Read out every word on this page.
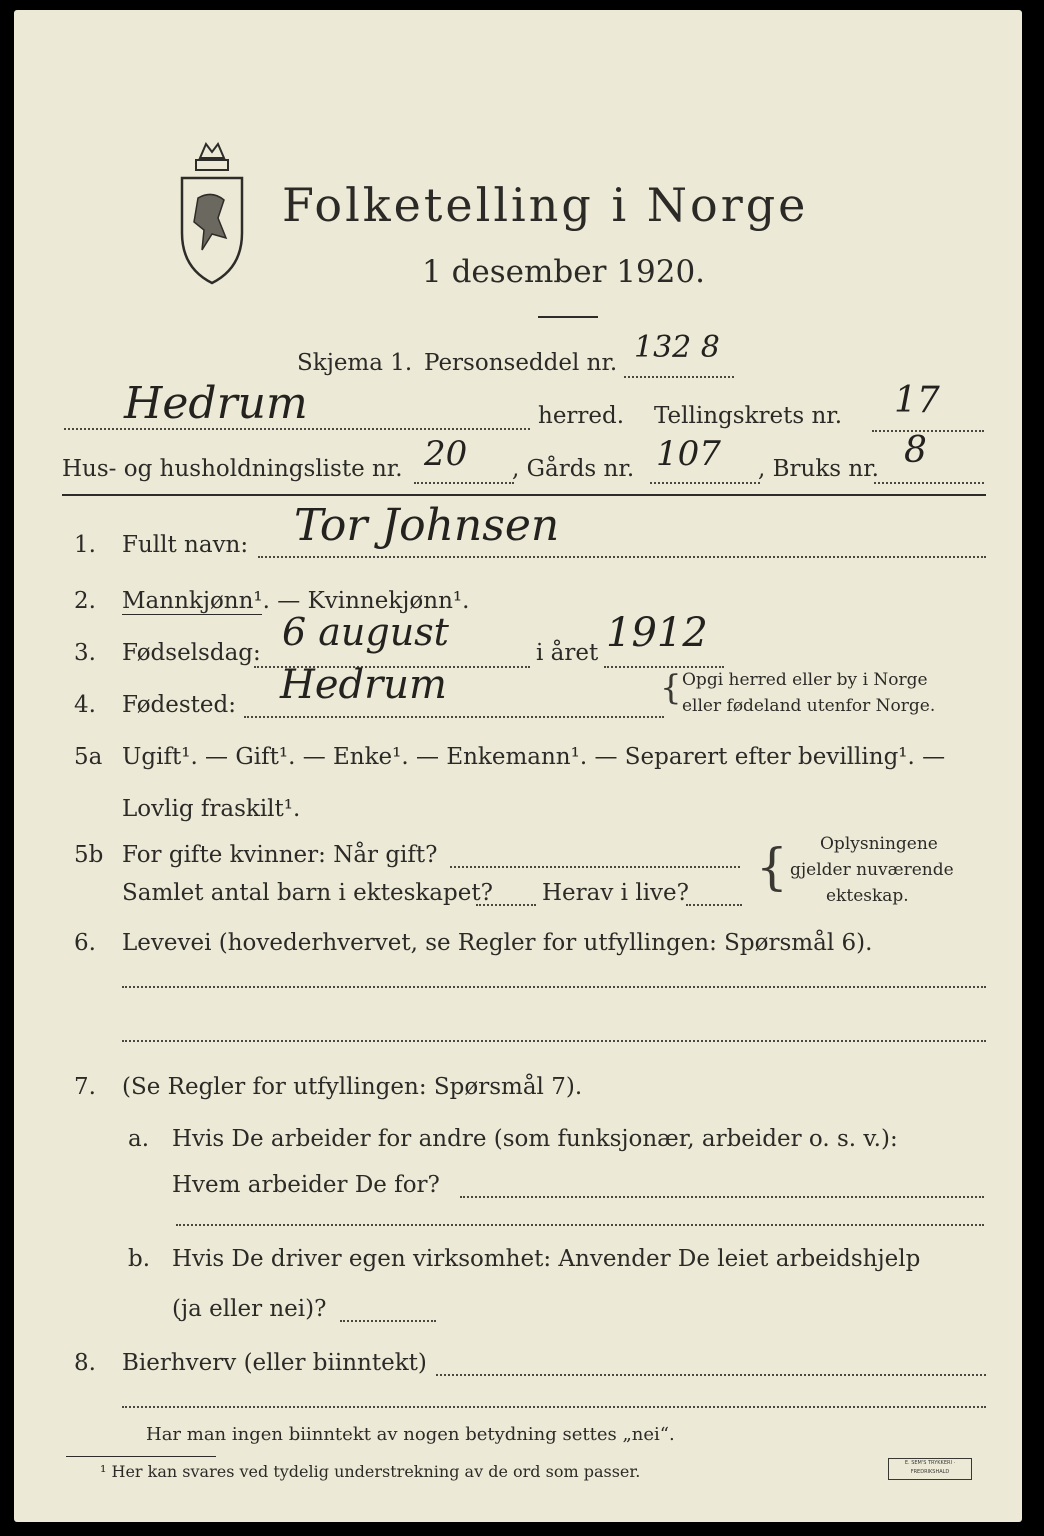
Folketelling i Norge
1 desember 1920.
Skjema 1. Personseddel nr. 132 8
Hedrum	herred. Tellingskrets nr. 17
Hus- og husholdningsliste nr. 20 , Gårds nr. 107 , Bruks nr. 8
1. Fullt navn: Tor Johnsen
2. Mannkjønn¹. — Kvinnekjønn¹.
3. Fødselsdag: 6 august	i året 1912
4. Fødested: Hedrum	{ Opgi herred eller by i Norge
eller fødeland utenfor Norge.
5a Ugift¹. — Gift¹. — Enke¹. — Enkemann¹. — Separert efter bevilling¹. —
Lovlig fraskilt¹.
5b For gifte kvinner: Når gift?
Samlet antal barn i ekteskapet? Herav i live? { Oplysningene
gjelder nuværende
ekteskap.
6. Levevei (hovederhvervet, se Regler for utfyllingen: Spørsmål 6).
7. (Se Regler for utfyllingen: Spørsmål 7).
a. Hvis De arbeider for andre (som funksjonær, arbeider o. s. v.):
Hvem arbeider De for?
b. Hvis De driver egen virksomhet: Anvender De leiet arbeidshjelp
(ja eller nei)?
8. Bierhverv (eller biinntekt)
Har man ingen biinntekt av nogen betydning settes „nei“.
¹ Her kan svares ved tydelig understrekning av de ord som passer.	E. SEM'S TRYKKERI · FREDRIKSHALD
